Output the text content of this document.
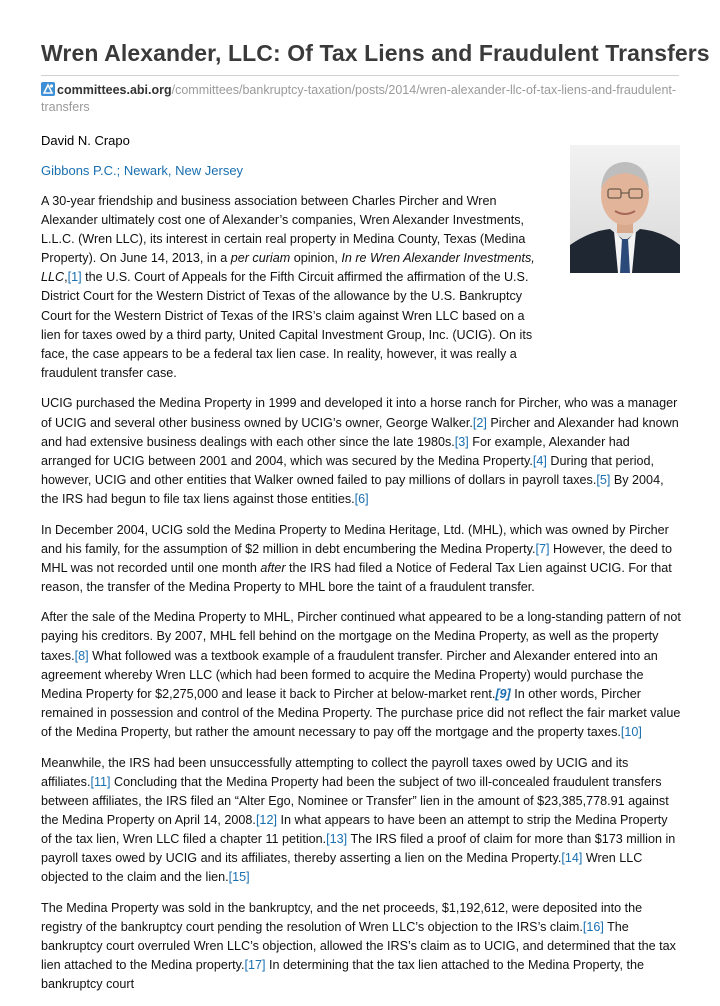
Wren Alexander, LLC: Of Tax Liens and Fraudulent Transfers
committees.abi.org/committees/bankruptcy-taxation/posts/2014/wren-alexander-llc-of-tax-liens-and-fraudulent-transfers
David N. Crapo
Gibbons P.C.; Newark, New Jersey

A 30-year friendship and business association between Charles Pircher and Wren Alexander ultimately cost one of Alexander’s companies, Wren Alexander Investments, L.L.C. (Wren LLC), its interest in certain real property in Medina County, Texas (Medina Property). On June 14, 2013, in a per curiam opinion, In re Wren Alexander Investments, LLC,[1] the U.S. Court of Appeals for the Fifth Circuit affirmed the affirmation of the U.S. District Court for the Western District of Texas of the allowance by the U.S. Bankruptcy Court for the Western District of Texas of the IRS’s claim against Wren LLC based on a lien for taxes owed by a third party, United Capital Investment Group, Inc. (UCIG). On its face, the case appears to be a federal tax lien case. In reality, however, it was really a fraudulent transfer case.

UCIG purchased the Medina Property in 1999 and developed it into a horse ranch for Pircher, who was a manager of UCIG and several other business owned by UCIG’s owner, George Walker.[2] Pircher and Alexander had known and had extensive business dealings with each other since the late 1980s.[3] For example, Alexander had arranged for UCIG between 2001 and 2004, which was secured by the Medina Property.[4] During that period, however, UCIG and other entities that Walker owned failed to pay millions of dollars in payroll taxes.[5] By 2004, the IRS had begun to file tax liens against those entities.[6]

In December 2004, UCIG sold the Medina Property to Medina Heritage, Ltd. (MHL), which was owned by Pircher and his family, for the assumption of $2 million in debt encumbering the Medina Property.[7] However, the deed to MHL was not recorded until one month after the IRS had filed a Notice of Federal Tax Lien against UCIG. For that reason, the transfer of the Medina Property to MHL bore the taint of a fraudulent transfer.

After the sale of the Medina Property to MHL, Pircher continued what appeared to be a long-standing pattern of not paying his creditors. By 2007, MHL fell behind on the mortgage on the Medina Property, as well as the property taxes.[8] What followed was a textbook example of a fraudulent transfer. Pircher and Alexander entered into an agreement whereby Wren LLC (which had been formed to acquire the Medina Property) would purchase the Medina Property for $2,275,000 and lease it back to Pircher at below-market rent.[9] In other words, Pircher remained in possession and control of the Medina Property. The purchase price did not reflect the fair market value of the Medina Property, but rather the amount necessary to pay off the mortgage and the property taxes.[10]

Meanwhile, the IRS had been unsuccessfully attempting to collect the payroll taxes owed by UCIG and its affiliates.[11] Concluding that the Medina Property had been the subject of two ill-concealed fraudulent transfers between affiliates, the IRS filed an “Alter Ego, Nominee or Transfer” lien in the amount of $23,385,778.91 against the Medina Property on April 14, 2008.[12] In what appears to have been an attempt to strip the Medina Property of the tax lien, Wren LLC filed a chapter 11 petition.[13] The IRS filed a proof of claim for more than $173 million in payroll taxes owed by UCIG and its affiliates, thereby asserting a lien on the Medina Property.[14] Wren LLC objected to the claim and the lien.[15]

The Medina Property was sold in the bankruptcy, and the net proceeds, $1,192,612, were deposited into the registry of the bankruptcy court pending the resolution of Wren LLC’s objection to the IRS’s claim.[16] The bankruptcy court overruled Wren LLC’s objection, allowed the IRS’s claim as to UCIG, and determined that the tax lien attached to the Medina property.[17] In determining that the tax lien attached to the Medina Property, the bankruptcy court
